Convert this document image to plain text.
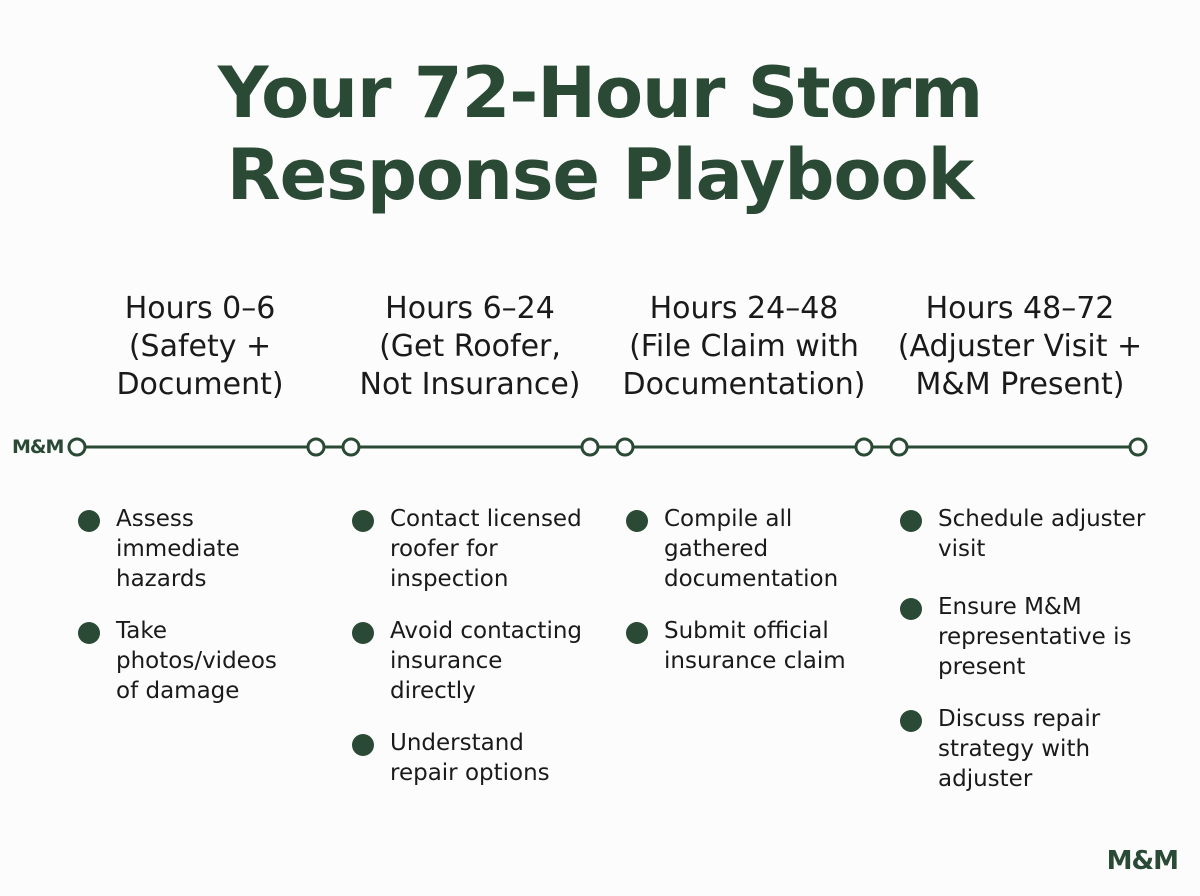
Your 72-Hour Storm
Response Playbook
Hours 0–6
(Safety +
Document)
Hours 6–24
(Get Roofer,
Not Insurance)
Hours 24–48
(File Claim with
Documentation)
Hours 48–72
(Adjuster Visit +
M&M Present)
M&M
Assess
immediate
hazards
Take
photos/videos
of damage
Contact licensed
roofer for
inspection
Avoid contacting
insurance
directly
Understand
repair options
Compile all
gathered
documentation
Submit official
insurance claim
Schedule adjuster
visit
Ensure M&M
representative is
present
Discuss repair
strategy with
adjuster
M&M
